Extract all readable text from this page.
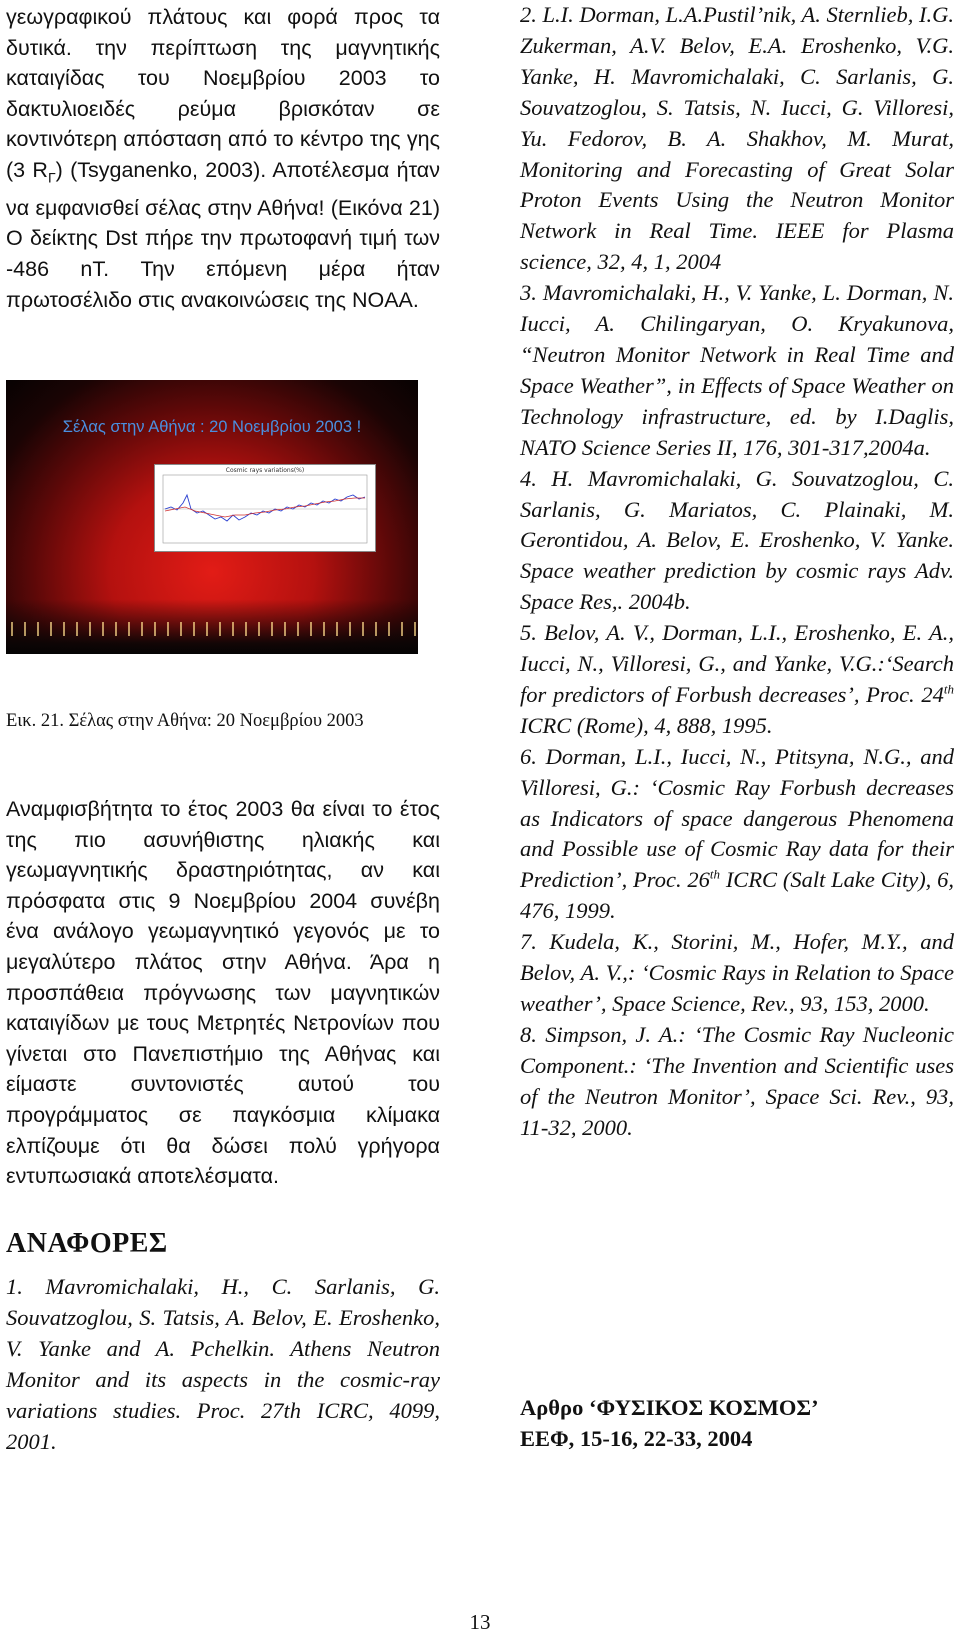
γεωγραφικού πλάτους και φορά προς τα δυτικά. την περίπτωση της μαγνητικής καταιγίδας του Νοεμβρίου 2003 το δακτυλιοειδές ρεύμα βρισκόταν σε κοντινότερη απόσταση από το κέντρο της γης (3 $R_\Gamma$) (Tsyganenko, 2003). Αποτέλεσμα ήταν να εμφανισθεί σέλας στην Αθήνα! (Εικόνα 21) Ο δείκτης Dst πήρε την πρωτοφανή τιμή των -486 nT. Την επόμενη μέρα ήταν πρωτοσέλιδο στις ανακοινώσεις της NOAA.

Σέλας στην Αθήνα : 20 Νοεμβρίου 2003 !
Cosmic rays variations(%)

Εικ. 21. Σέλας στην Αθήνα: 20 Νοεμβρίου 2003

Αναμφισβήτητα το έτος 2003 θα είναι το έτος της πιο ασυνήθιστης ηλιακής και γεωμαγνητικής δραστηριότητας, αν και πρόσφατα στις 9 Νοεμβρίου 2004 συνέβη ένα ανάλογο γεωμαγνητικό γεγονός με το μεγαλύτερο πλάτος στην Αθήνα. Άρα η προσπάθεια πρόγνωσης των μαγνητικών καταιγίδων με τους Μετρητές Νετρονίων που γίνεται στο Πανεπιστήμιο της Αθήνας και είμαστε συντονιστές αυτού του προγράμματος σε παγκόσμια κλίμακα ελπίζουμε ότι θα δώσει πολύ γρήγορα εντυπωσιακά αποτελέσματα.

ΑΝΑΦΟΡΕΣ

1. Mavromichalaki, H., C. Sarlanis, G. Souvatzoglou, S. Tatsis, A. Belov, E. Eroshenko, V. Yanke and A. Pchelkin. Athens Neutron Monitor and its aspects in the cosmic-ray variations studies. Proc. 27th ICRC, 4099, 2001.

2. L.I. Dorman, L.A.Pustil’nik, A. Sternlieb, I.G. Zukerman, A.V. Belov, E.A. Eroshenko, V.G. Yanke, H. Mavromichalaki, C. Sarlanis, G. Souvatzoglou, S. Tatsis, N. Iucci, G. Villoresi, Yu. Fedorov, B. A. Shakhov, M. Murat, Monitoring and Forecasting of Great Solar Proton Events Using the Neutron Monitor Network in Real Time. IEEE for Plasma science, 32, 4, 1, 2004

3. Mavromichalaki, H., V. Yanke, L. Dorman, N. Iucci, A. Chilingaryan, O. Kryakunova, “Neutron Monitor Network in Real Time and Space Weather”, in Effects of Space Weather on Technology infrastructure, ed. by I.Daglis, NATO Science Series II, 176, 301-317,2004a.

4. H. Mavromichalaki, G. Souvatzoglou, C. Sarlanis, G. Mariatos, C. Plainaki, M. Gerontidou, A. Belov, E. Eroshenko, V. Yanke. Space weather prediction by cosmic rays Adv. Space Res,. 2004b.

5. Belov, A. V., Dorman, L.I., Eroshenko, E. A., Iucci, N., Villoresi, G., and Yanke, V.G.:‘Search for predictors of Forbush decreases’, Proc. 24th ICRC (Rome), 4, 888, 1995.

6. Dorman, L.I., Iucci, N., Ptitsyna, N.G., and Villoresi, G.: ‘Cosmic Ray Forbush decreases as Indicators of space dangerous Phenomena and Possible use of Cosmic Ray data for their Prediction’, Proc. 26th ICRC (Salt Lake City), 6, 476, 1999.

7. Kudela, K., Storini, M., Hofer, M.Y., and Belov, A. V.,: ‘Cosmic Rays in Relation to Space weather’, Space Science, Rev., 93, 153, 2000.

8. Simpson, J. A.: ‘The Cosmic Ray Nucleonic Component.: ‘The Invention and Scientific uses of the Neutron Monitor’, Space Sci. Rev., 93, 11-32, 2000.

Αρθρο ‘ΦΥΣΙΚΟΣ ΚΟΣΜΟΣ’
ΕΕΦ, 15-16, 22-33, 2004
13
